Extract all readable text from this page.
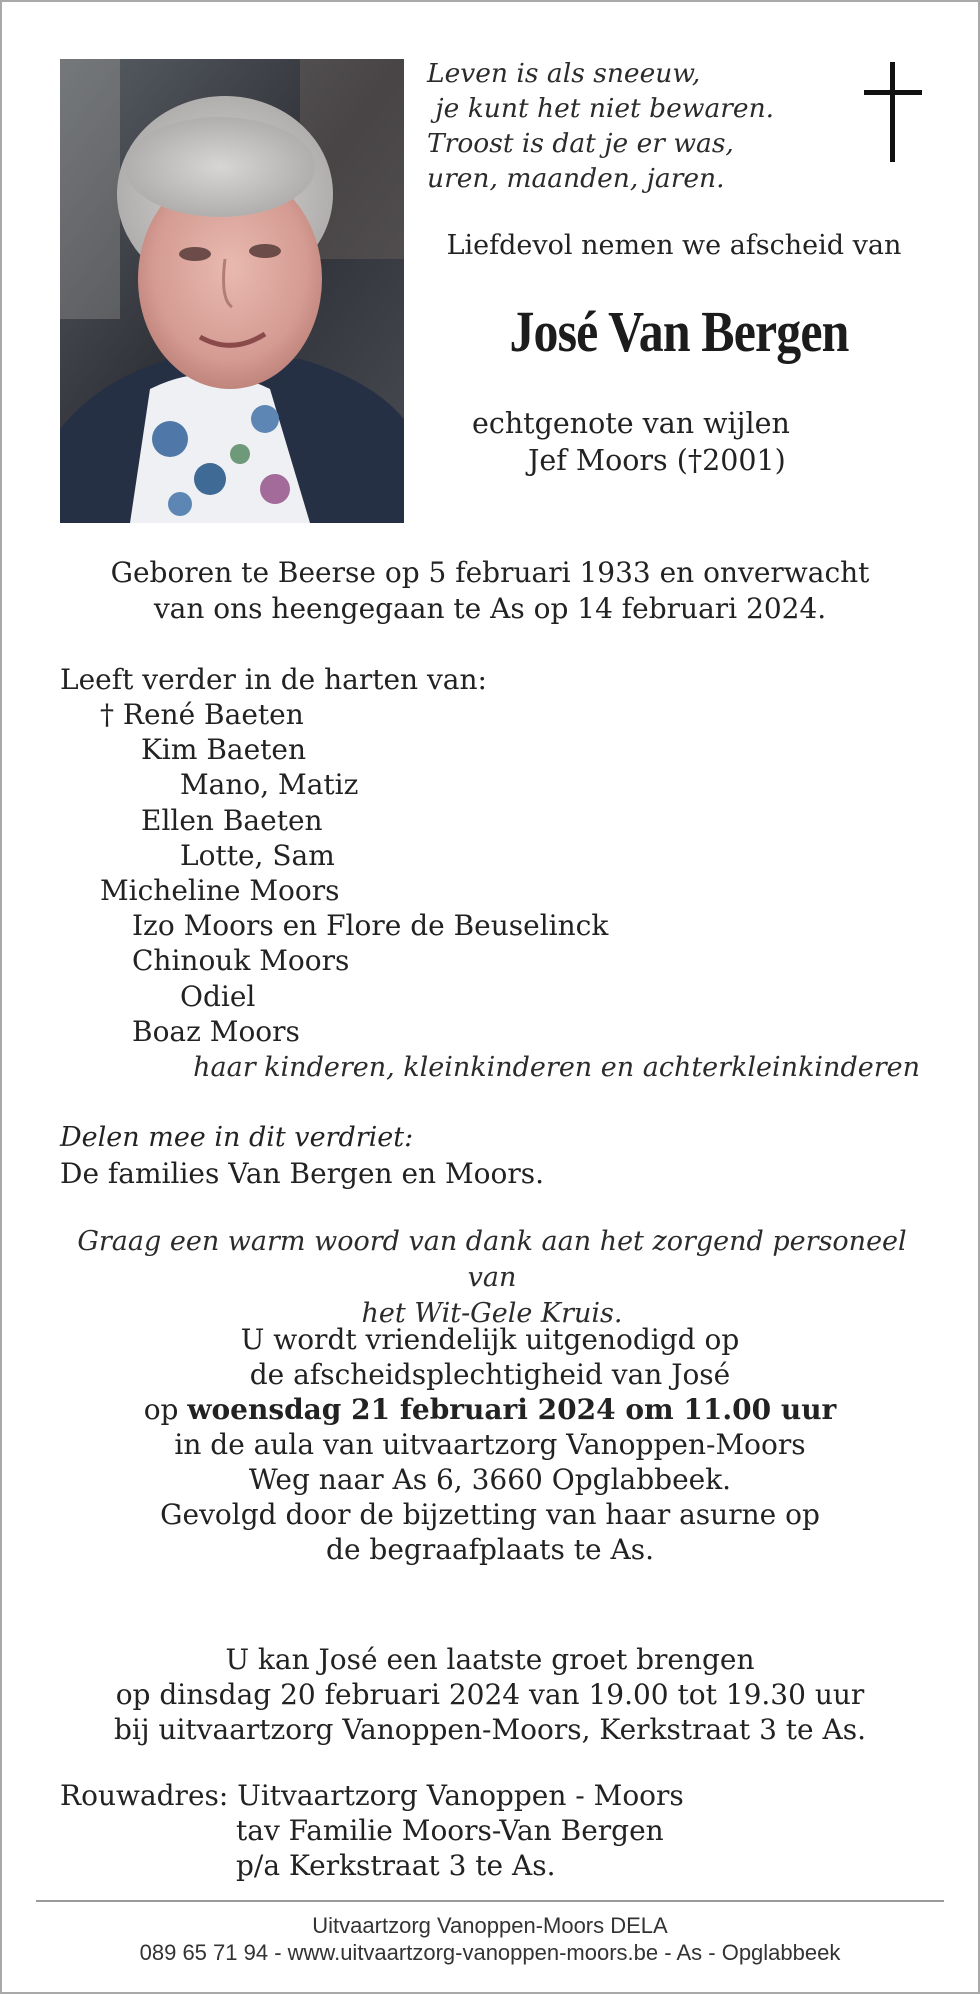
Leven is als sneeuw,
je kunt het niet bewaren.
Troost is dat je er was,
uren, maanden, jaren.
Liefdevol nemen we afscheid van
José Van Bergen
echtgenote van wijlen
Jef Moors (†2001)
Geboren te Beerse op 5 februari 1933 en onverwacht
van ons heengegaan te As op 14 februari 2024.
Leeft verder in de harten van:
† René Baeten
Kim Baeten
Mano, Matiz
Ellen Baeten
Lotte, Sam
Micheline Moors
Izo Moors en Flore de Beuselinck
Chinouk Moors
Odiel
Boaz Moors
haar kinderen, kleinkinderen en achterkleinkinderen
Delen mee in dit verdriet:
De families Van Bergen en Moors.
Graag een warm woord van dank aan het zorgend personeel van
het Wit-Gele Kruis.
U wordt vriendelijk uitgenodigd op
de afscheidsplechtigheid van José
op woensdag 21 februari 2024 om 11.00 uur
in de aula van uitvaartzorg Vanoppen-Moors
Weg naar As 6, 3660 Opglabbeek.
Gevolgd door de bijzetting van haar asurne op
de begraafplaats te As.
U kan José een laatste groet brengen
op dinsdag 20 februari 2024 van 19.00 tot 19.30 uur
bij uitvaartzorg Vanoppen-Moors, Kerkstraat 3 te As.
Rouwadres: Uitvaartzorg Vanoppen - Moors
tav Familie Moors-Van Bergen
p/a Kerkstraat 3 te As.
Uitvaartzorg Vanoppen-Moors DELA
089 65 71 94 - www.uitvaartzorg-vanoppen-moors.be - As - Opglabbeek
